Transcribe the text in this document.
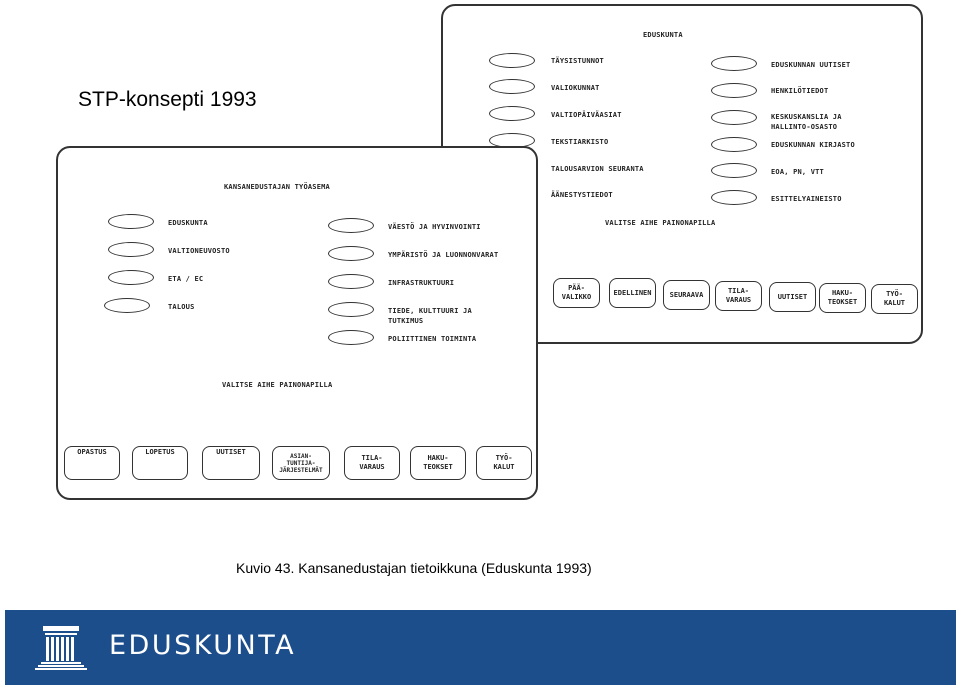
STP-konsepti 1993
EDUSKUNTA
TÄYSISTUNNOT
VALIOKUNNAT
VALTIOPÄIVÄASIAT
TEKSTIARKISTO
TALOUSARVION SEURANTA
ÄÄNESTYSTIEDOT
EDUSKUNNAN UUTISET
HENKILÖTIEDOT
KESKUSKANSLIA JA
HALLINTO-OSASTO
EDUSKUNNAN KIRJASTO
EOA, PN, VTT
ESITTELYAINEISTO
VALITSE AIHE PAINONAPILLA
PÄÄ-
VALIKKO
EDELLINEN	SEURAAVA	TILA-
VARAUS	UUTISET	HAKU-
TEOKSET
TYÖ-
KALUT
KANSANEDUSTAJAN TYÖASEMA
EDUSKUNTA
VALTIONEUVOSTO
ETA / EC
TALOUS
VÄESTÖ JA HYVINVOINTI
YMPÄRISTÖ JA LUONNONVARAT
INFRASTRUKTUURI
TIEDE, KULTTUURI JA
TUTKIMUS
POLIITTINEN TOIMINTA
VALITSE AIHE PAINONAPILLA
OPASTUS	LOPETUS	UUTISET	ASIAN-
TUNTIJA-
JÄRJESTELMÄT
TILA-
VARAUS
HAKU-
TEOKSET
TYÖ-
KALUT
Kuvio 43. Kansanedustajan tietoikkuna (Eduskunta 1993)
EDUSKUNTA
